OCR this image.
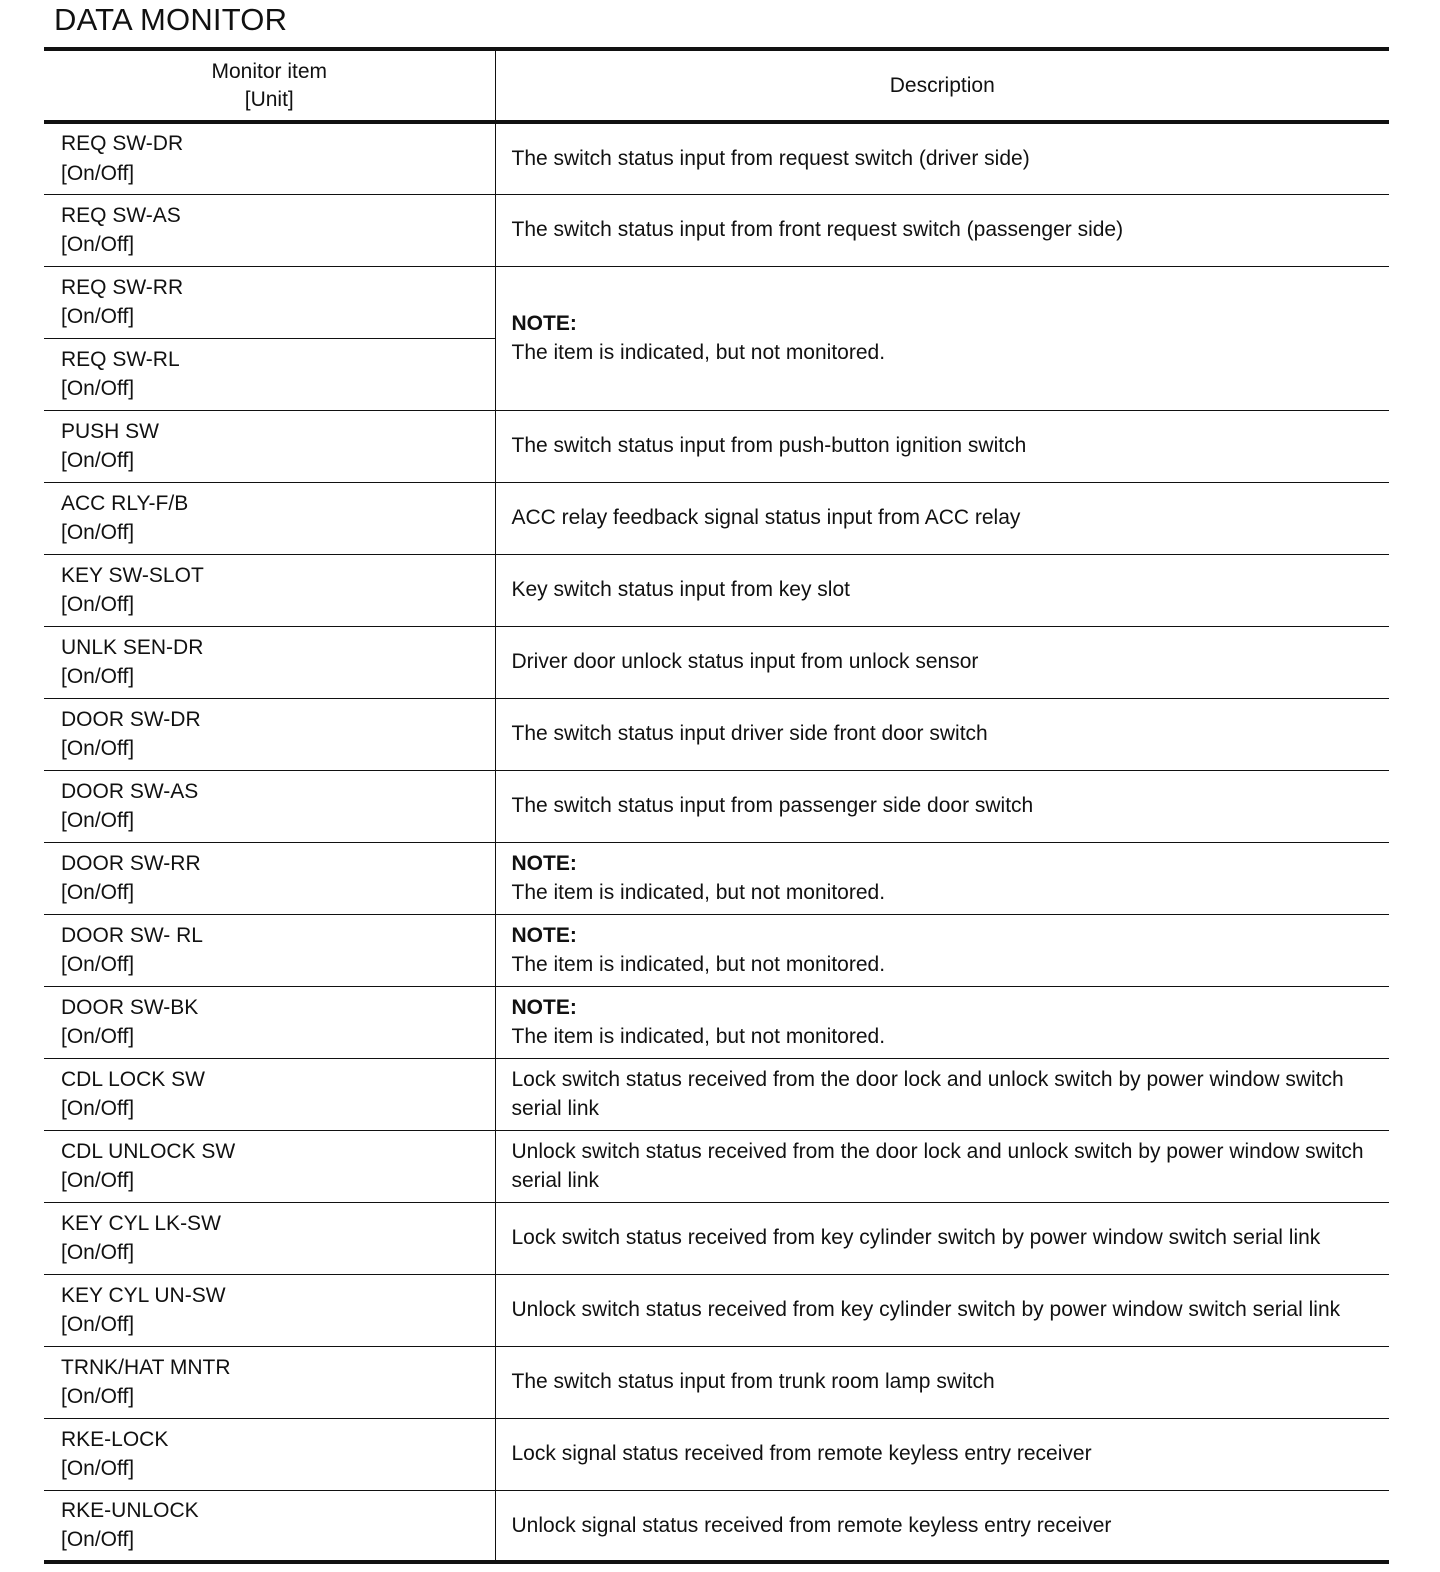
DATA MONITOR
Monitor item
[Unit]	Description

REQ SW-DR
[On/Off]	The switch status input from request switch (driver side)

REQ SW-AS
[On/Off]	The switch status input from front request switch (passenger side)

REQ SW-RR
[On/Off]	NOTE:
The item is indicated, but not monitored.

REQ SW-RL
[On/Off]	

PUSH SW
[On/Off]	The switch status input from push-button ignition switch

ACC RLY-F/B
[On/Off]	ACC relay feedback signal status input from ACC relay

KEY SW-SLOT
[On/Off]	Key switch status input from key slot

UNLK SEN-DR
[On/Off]	Driver door unlock status input from unlock sensor

DOOR SW-DR
[On/Off]	The switch status input driver side front door switch

DOOR SW-AS
[On/Off]	The switch status input from passenger side door switch

DOOR SW-RR
[On/Off]	NOTE:
The item is indicated, but not monitored.

DOOR SW- RL
[On/Off]	NOTE:
The item is indicated, but not monitored.

DOOR SW-BK
[On/Off]	NOTE:
The item is indicated, but not monitored.

CDL LOCK SW
[On/Off]	Lock switch status received from the door lock and unlock switch by power window switch serial link

CDL UNLOCK SW
[On/Off]	Unlock switch status received from the door lock and unlock switch by power window switch serial link

KEY CYL LK-SW
[On/Off]	Lock switch status received from key cylinder switch by power window switch serial link

KEY CYL UN-SW
[On/Off]	Unlock switch status received from key cylinder switch by power window switch serial link

TRNK/HAT MNTR
[On/Off]	The switch status input from trunk room lamp switch

RKE-LOCK
[On/Off]	Lock signal status received from remote keyless entry receiver

RKE-UNLOCK
[On/Off]	Unlock signal status received from remote keyless entry receiver
